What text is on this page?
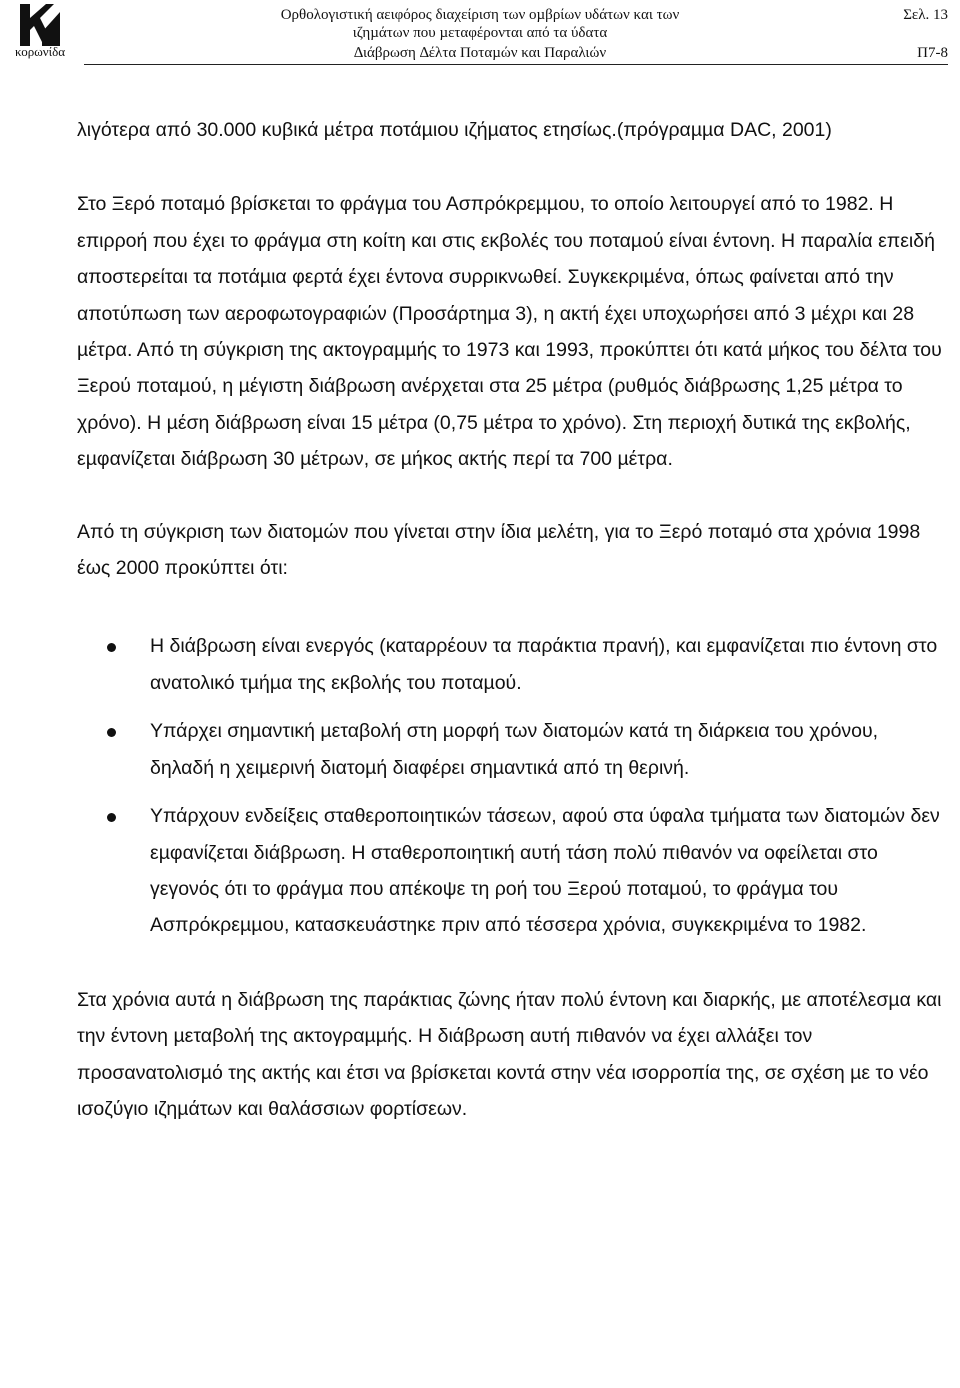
κορωνίδα
Ορθολογιστική αειφόρος διαχείριση των οµβρίων υδάτων και των
ιζηµάτων που µεταφέρονται από τα ύδατα
∆ιάβρωση ∆έλτα Ποταµών και Παραλιών
Σελ. 13
Π7-8

λιγότερα από 30.000 κυβικά µέτρα ποτάµιου ιζήµατος ετησίως.(πρόγραµµα DAC, 2001)

Στο Ξερό ποταµό βρίσκεται το φράγµα του Ασπρόκρεµµου, το οποίο λειτουργεί από το 1982. Η επιρροή που έχει το φράγµα στη κοίτη και στις εκβολές του ποταµού είναι έντονη. Η παραλία επειδή αποστερείται τα ποτάµια φερτά έχει έντονα συρρικνωθεί. Συγκεκριµένα, όπως φαίνεται από την αποτύπωση των αεροφωτογραφιών (Προσάρτηµα 3), η ακτή έχει υποχωρήσει από 3 µέχρι και 28 µέτρα. Από τη σύγκριση της ακτογραµµής το 1973 και 1993, προκύπτει ότι κατά µήκος του δέλτα του Ξερού ποταµού, η µέγιστη διάβρωση ανέρχεται στα 25 µέτρα (ρυθµός διάβρωσης 1,25 µέτρα το χρόνο). Η µέση διάβρωση είναι 15 µέτρα (0,75 µέτρα το χρόνο). Στη περιοχή δυτικά της εκβολής, εµφανίζεται διάβρωση 30 µέτρων, σε µήκος ακτής περί τα 700 µέτρα.

Από τη σύγκριση των διατοµών που γίνεται στην ίδια µελέτη, για το Ξερό ποταµό στα χρόνια 1998 έως 2000 προκύπτει ότι:

Η διάβρωση είναι ενεργός (καταρρέουν τα παράκτια πρανή), και εµφανίζεται πιο έντονη στο ανατολικό τµήµα της εκβολής του ποταµού.
Υπάρχει σηµαντική µεταβολή στη µορφή των διατοµών κατά τη διάρκεια του χρόνου, δηλαδή η χειµερινή διατοµή διαφέρει σηµαντικά από τη θερινή.
Υπάρχουν ενδείξεις σταθεροποιητικών τάσεων, αφού στα ύφαλα τµήµατα των διατοµών δεν εµφανίζεται διάβρωση. Η σταθεροποιητική αυτή τάση πολύ πιθανόν να οφείλεται στο γεγονός ότι το φράγµα που απέκοψε τη ροή του Ξερού ποταµού, το φράγµα του Ασπρόκρεµµου, κατασκευάστηκε πριν από τέσσερα χρόνια, συγκεκριµένα το 1982.

Στα χρόνια αυτά η διάβρωση της παράκτιας ζώνης ήταν πολύ έντονη και διαρκής, µε αποτέλεσµα και την έντονη µεταβολή της ακτογραµµής. Η διάβρωση αυτή πιθανόν να έχει αλλάξει τον προσανατολισµό της ακτής και έτσι να βρίσκεται κοντά στην νέα ισορροπία της, σε σχέση µε το νέο ισοζύγιο ιζηµάτων και θαλάσσιων φορτίσεων.
